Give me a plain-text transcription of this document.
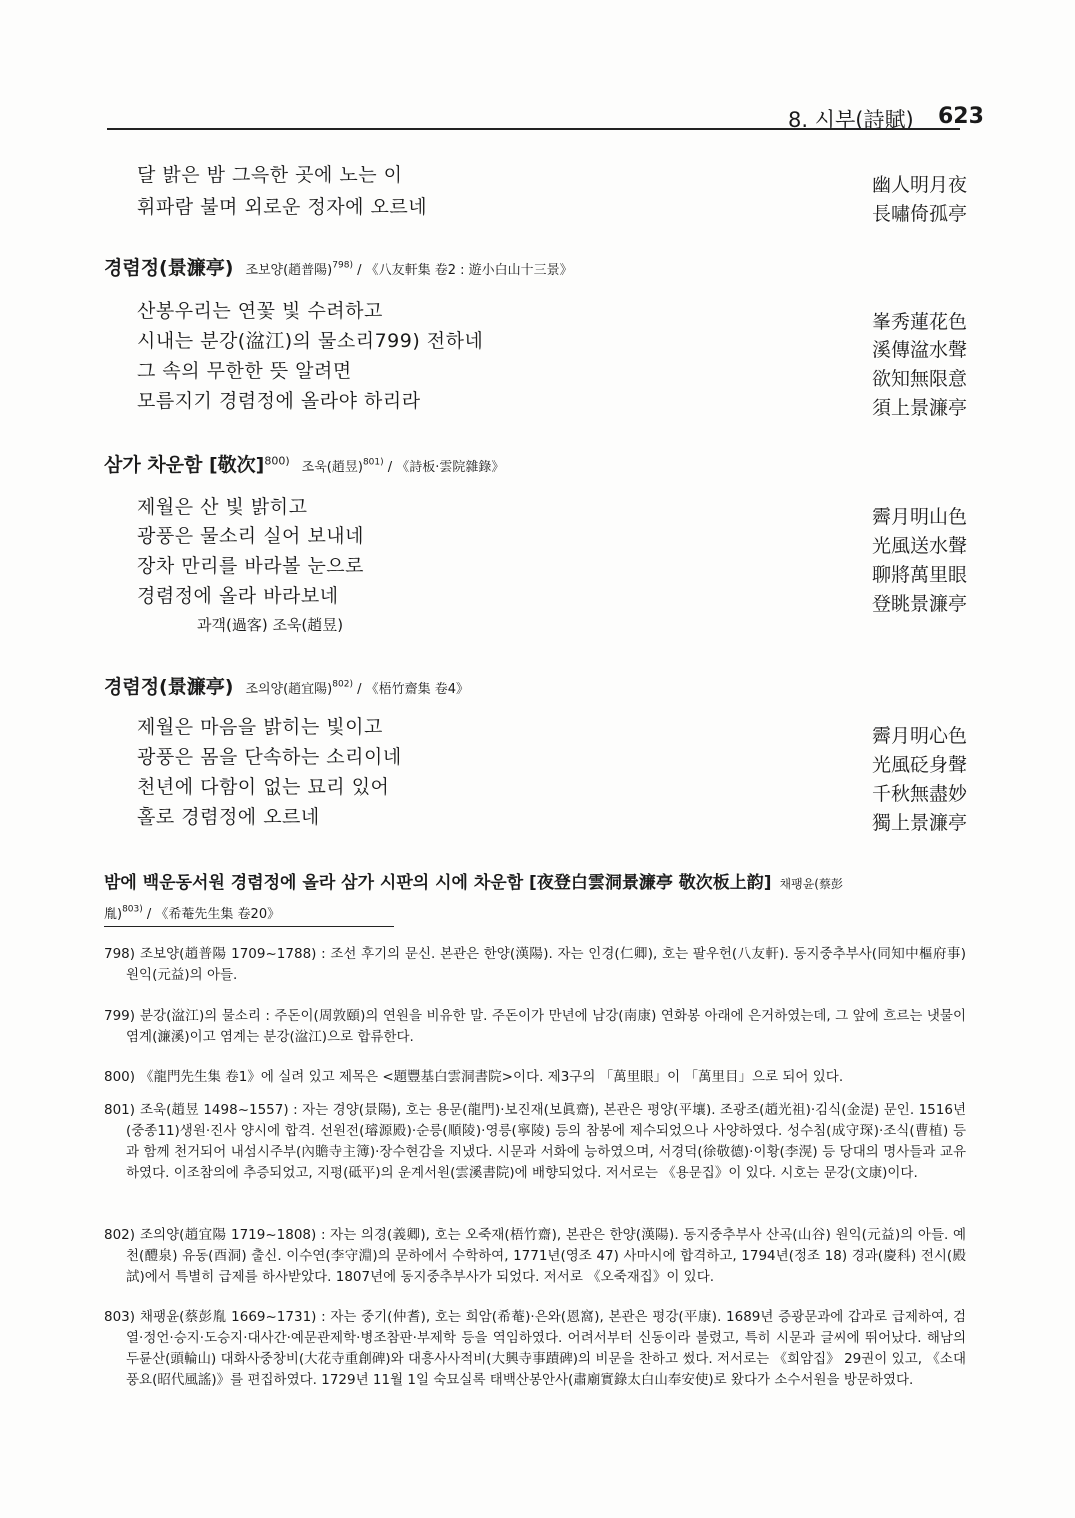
8. 시부(詩賦) 623
달 밝은 밤 그윽한 곳에 노는 이
휘파람 불며 외로운 정자에 오르네
幽人明月夜
長嘯倚孤亭
경렴정(景濂亭) 조보양(趙普陽)$^{798)}$ / 《八友軒集 卷2 : 遊小白山十三景》
산봉우리는 연꽃 빛 수려하고
시내는 분강(湓江)의 물소리799) 전하네
그 속의 무한한 뜻 알려면
모름지기 경렴정에 올라야 하리라
峯秀蓮花色
溪傳湓水聲
欲知無限意
須上景濂亭
삼가 차운함 [敬次]$^{800)}$ 조욱(趙昱)$^{801)}$ / 《詩板·雲院雜錄》
제월은 산 빛 밝히고
광풍은 물소리 실어 보내네
장차 만리를 바라볼 눈으로
경렴정에 올라 바라보네
과객(過客) 조욱(趙昱)
霽月明山色
光風送水聲
聊將萬里眼
登眺景濂亭
경렴정(景濂亭) 조의양(趙宜陽)$^{802)}$ / 《梧竹齋集 卷4》
제월은 마음을 밝히는 빛이고
광풍은 몸을 단속하는 소리이네
천년에 다함이 없는 묘리 있어
홀로 경렴정에 오르네
霽月明心色
光風砭身聲
千秋無盡妙
獨上景濂亭
밤에 백운동서원 경렴정에 올라 삼가 시판의 시에 차운함 [夜登白雲洞景濂亭 敬次板上韵] 채팽윤(蔡彭
胤)$^{803)}$ / 《希菴先生集 卷20》
798) 조보양(趙普陽 1709~1788) : 조선 후기의 문신. 본관은 한양(漢陽). 자는 인경(仁卿), 호는 팔우헌(八友軒). 동지중추부사(同知中樞府事) 원익(元益)의 아들.
799) 분강(湓江)의 물소리 : 주돈이(周敦頤)의 연원을 비유한 말. 주돈이가 만년에 남강(南康) 연화봉 아래에 은거하였는데, 그 앞에 흐르는 냇물이 염계(濂溪)이고 염계는 분강(湓江)으로 합류한다.
800) 《龍門先生集 卷1》에 실려 있고 제목은 <題豐基白雲洞書院>이다. 제3구의 「萬里眼」이 「萬里目」으로 되어 있다.
801) 조욱(趙昱 1498~1557) : 자는 경양(景陽), 호는 용문(龍門)·보진재(보眞齋), 본관은 평양(平壤). 조광조(趙光祖)·김식(金湜) 문인. 1516년(중종11)생원·진사 양시에 합격. 선원전(璿源殿)·순릉(順陵)·영릉(寧陵) 등의 참봉에 제수되었으나 사양하였다. 성수침(成守琛)·조식(曹植) 등과 함께 천거되어 내섬시주부(內贍寺主簿)·장수현감을 지냈다. 시문과 서화에 능하였으며, 서경덕(徐敬德)·이황(李滉) 등 당대의 명사들과 교유하였다. 이조참의에 추증되었고, 지평(砥平)의 운계서원(雲溪書院)에 배향되었다. 저서로는 《용문집》이 있다. 시호는 문강(文康)이다.
802) 조의양(趙宜陽 1719~1808) : 자는 의경(義卿), 호는 오죽재(梧竹齋), 본관은 한양(漢陽). 동지중추부사 산곡(山谷) 원익(元益)의 아들. 예천(醴泉) 유동(酉洞) 출신. 이수연(李守淵)의 문하에서 수학하여, 1771년(영조 47) 사마시에 합격하고, 1794년(정조 18) 경과(慶科) 전시(殿試)에서 특별히 급제를 하사받았다. 1807년에 동지중추부사가 되었다. 저서로 《오죽재집》이 있다.
803) 채팽윤(蔡彭胤 1669~1731) : 자는 중기(仲耆), 호는 희암(希菴)·은와(恩窩), 본관은 평강(平康). 1689년 증광문과에 갑과로 급제하여, 검열·정언·승지·도승지·대사간·예문관제학·병조참판·부제학 등을 역임하였다. 어려서부터 신동이라 불렸고, 특히 시문과 글씨에 뛰어났다. 해남의 두륜산(頭輪山) 대화사중창비(大花寺重創碑)와 대흥사사적비(大興寺事蹟碑)의 비문을 찬하고 썼다. 저서로는 《희암집》 29권이 있고, 《소대풍요(昭代風謠)》를 편집하였다. 1729년 11월 1일 숙묘실록 태백산봉안사(肅廟實錄太白山奉安使)로 왔다가 소수서원을 방문하였다.
